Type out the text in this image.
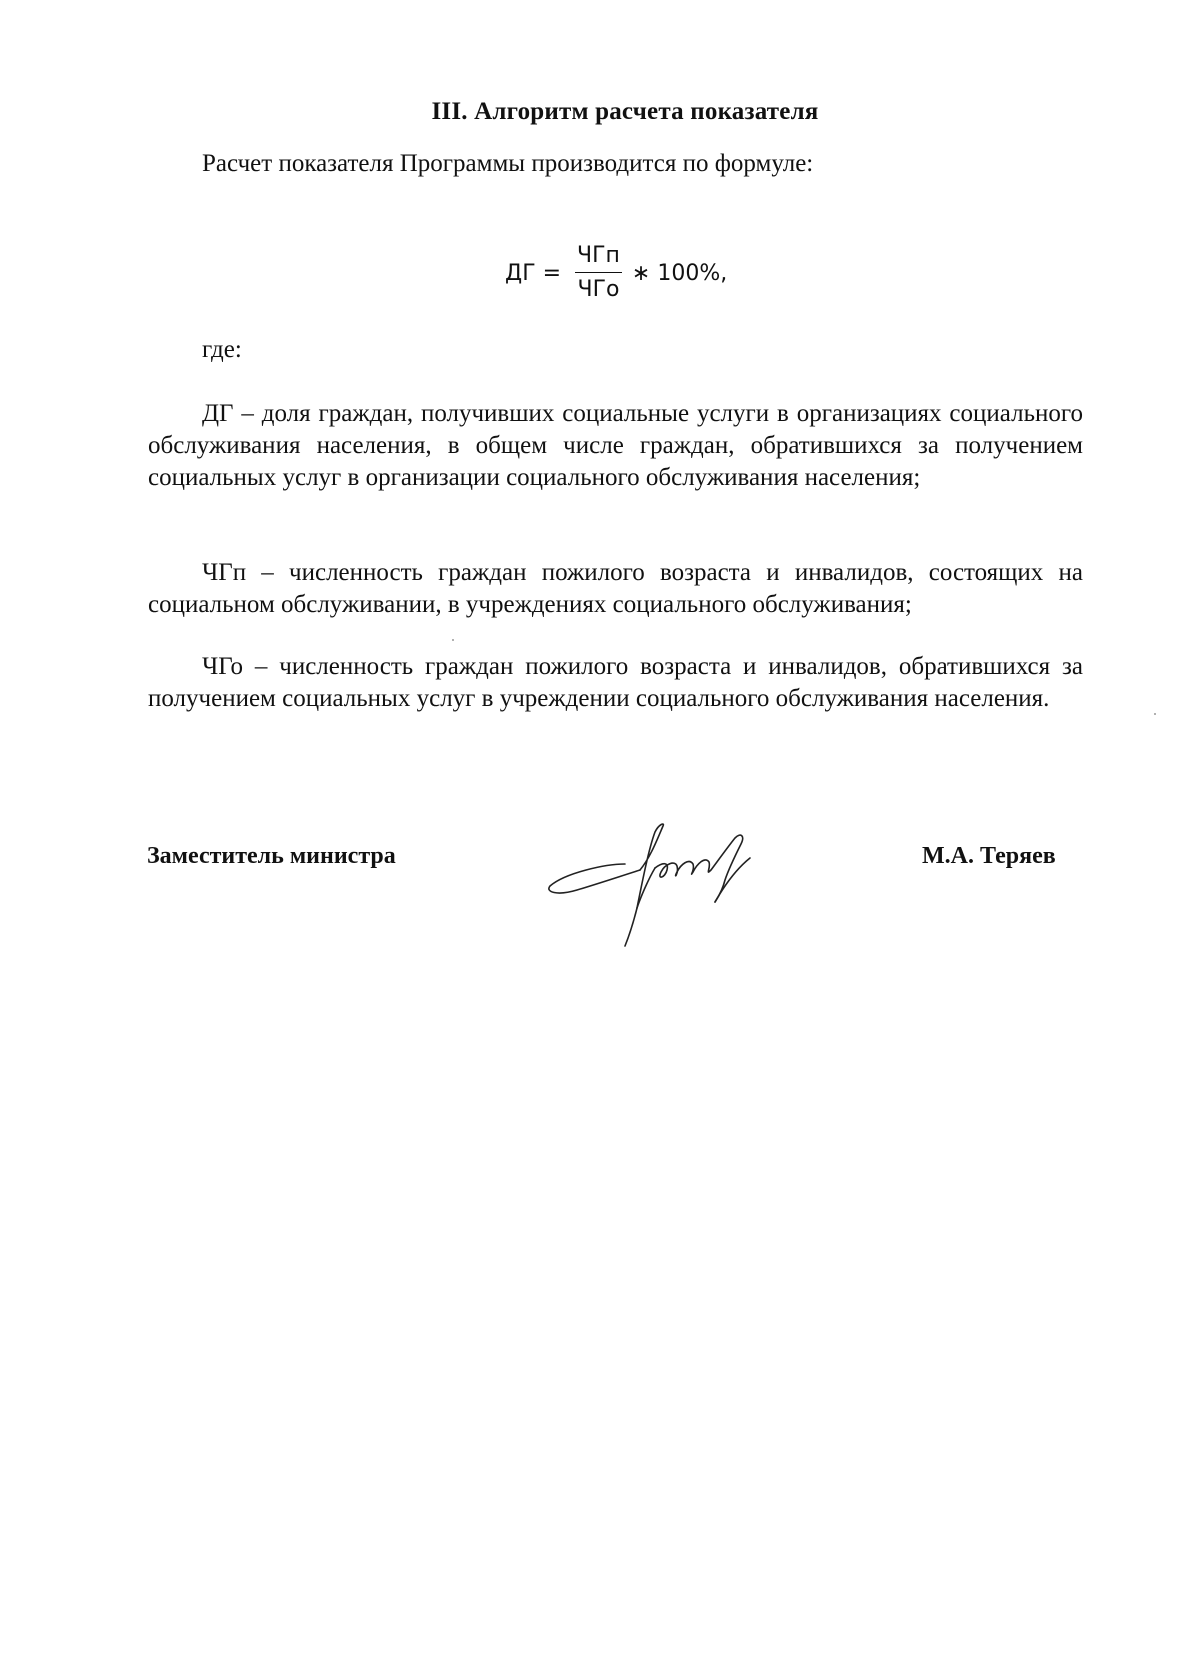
III. Алгоритм расчета показателя
Расчет показателя Программы производится по формуле:
ДГ = $\frac{\text{ЧГп}}{\text{ЧГо}}$ ∗ 100%,
где:

ДГ – доля граждан, получивших социальные услуги в организациях социального обслуживания населения, в общем числе граждан, обратившихся за получением социальных услуг в организации социального обслуживания населения;

ЧГп – численность граждан пожилого возраста и инвалидов, состоящих на социальном обслуживании, в учреждениях социального обслуживания;

ЧГо – численность граждан пожилого возраста и инвалидов, обратившихся за получением социальных услуг в учреждении социального обслуживания населения.

Заместитель министра	М.А. Теряев
